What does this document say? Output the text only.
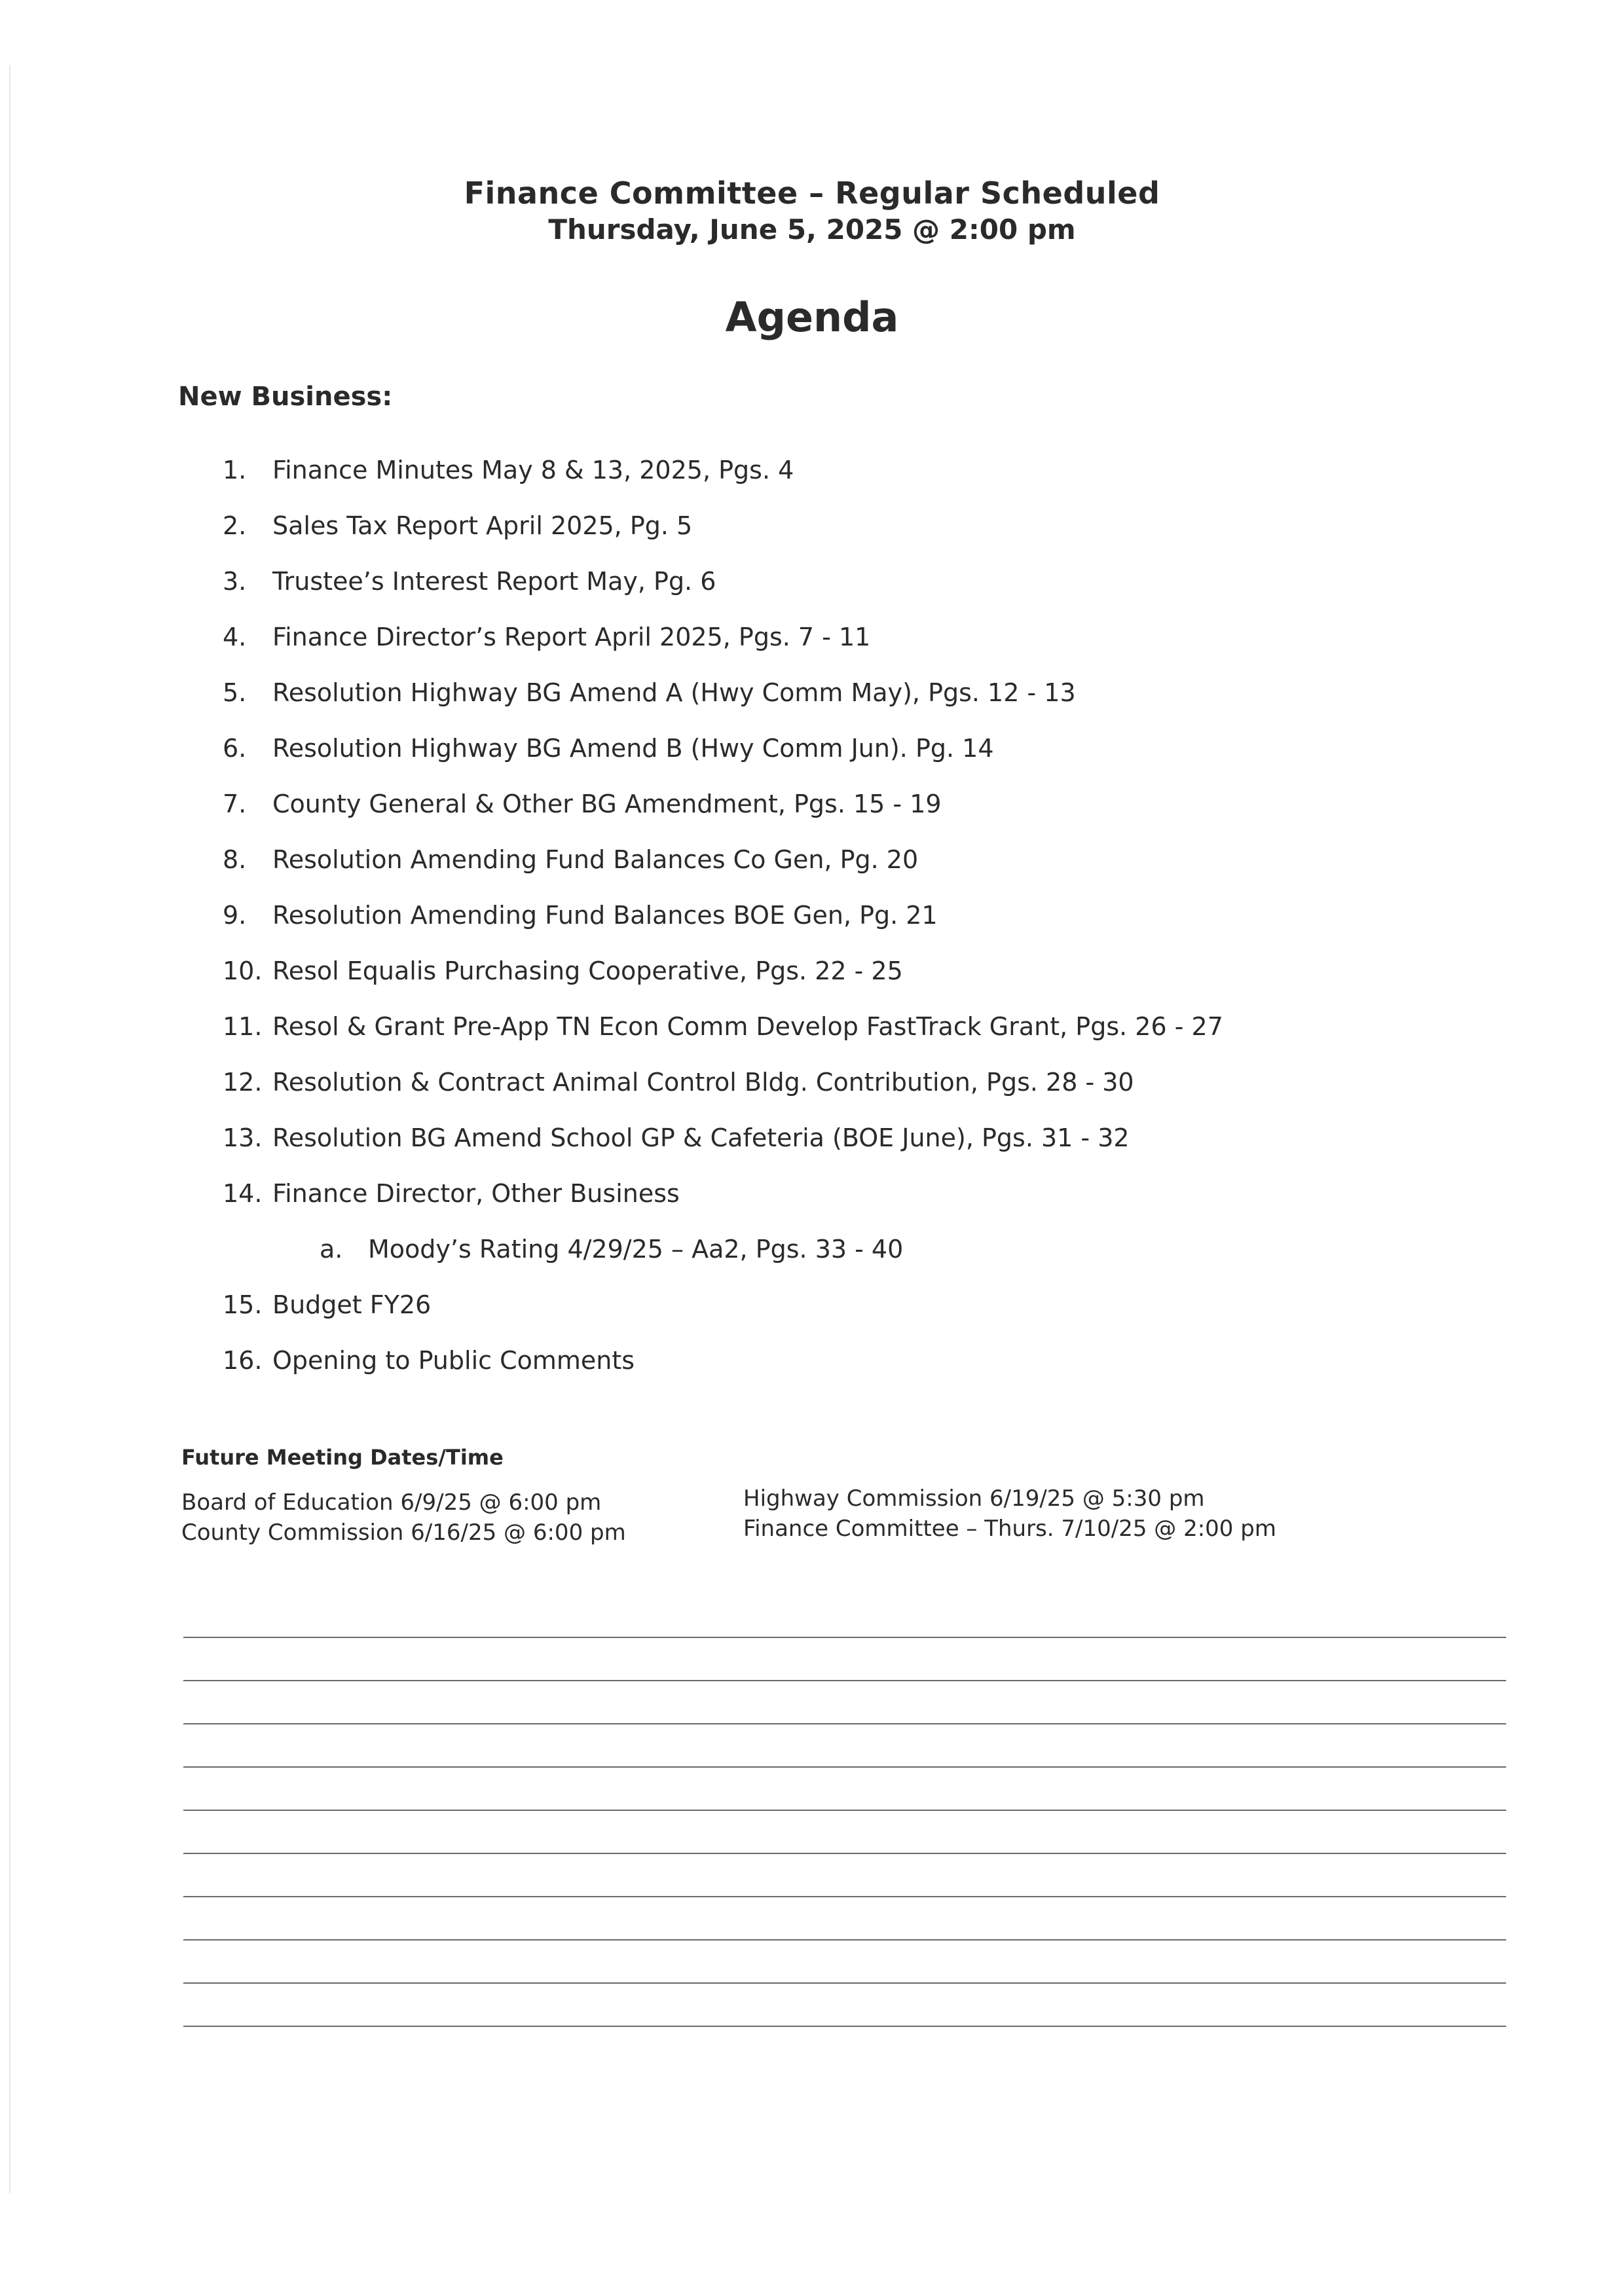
Finance Committee – Regular Scheduled
Thursday, June 5, 2025 @ 2:00 pm
Agenda
New Business:
1.	Finance Minutes May 8 & 13, 2025, Pgs. 4
2.	Sales Tax Report April 2025, Pg. 5
3.	Trustee’s Interest Report May, Pg. 6
4.	Finance Director’s Report April 2025, Pgs. 7 - 11
5.	Resolution Highway BG Amend A (Hwy Comm May), Pgs. 12 - 13
6.	Resolution Highway BG Amend B (Hwy Comm Jun). Pg. 14
7.	County General & Other BG Amendment, Pgs. 15 - 19
8.	Resolution Amending Fund Balances Co Gen, Pg. 20
9.	Resolution Amending Fund Balances BOE Gen, Pg. 21
10. Resol Equalis Purchasing Cooperative, Pgs. 22 - 25
11. Resol & Grant Pre-App TN Econ Comm Develop FastTrack Grant, Pgs. 26 - 27
12. Resolution & Contract Animal Control Bldg. Contribution, Pgs. 28 - 30
13. Resolution BG Amend School GP & Cafeteria (BOE June), Pgs. 31 - 32
14. Finance Director, Other Business
a.	Moody’s Rating 4/29/25 – Aa2, Pgs. 33 - 40
15. Budget FY26
16. Opening to Public Comments
Future Meeting Dates/Time
Board of Education 6/9/25 @ 6:00 pm
County Commission 6/16/25 @ 6:00 pm
Highway Commission 6/19/25 @ 5:30 pm
Finance Committee – Thurs. 7/10/25 @ 2:00 pm
